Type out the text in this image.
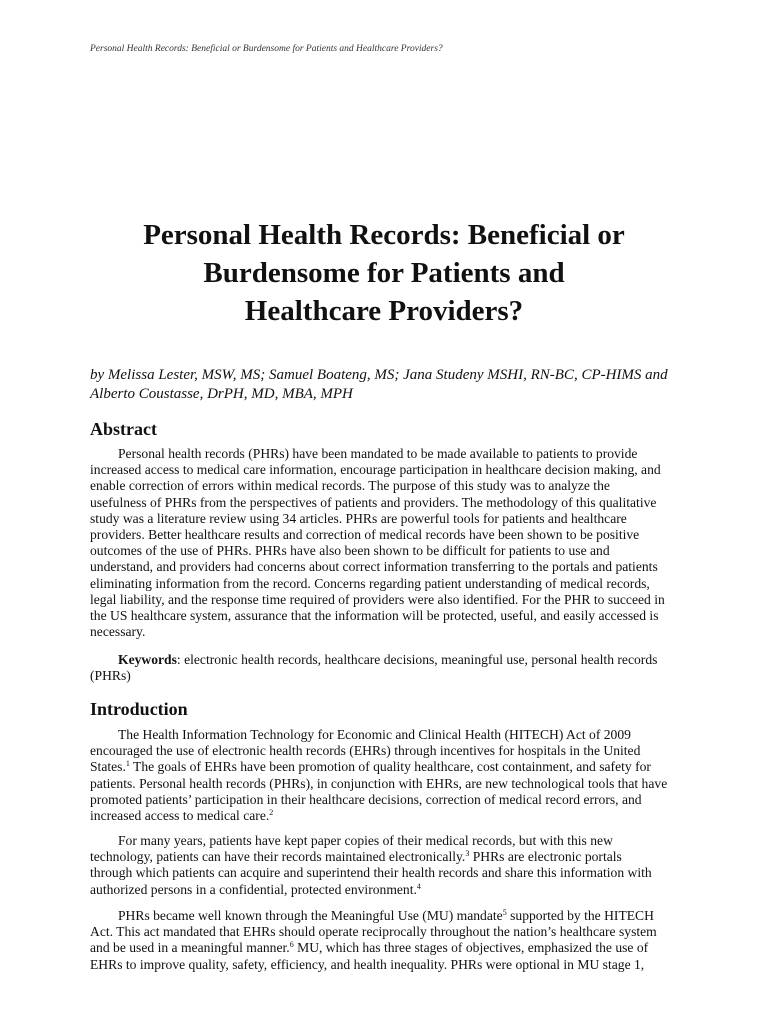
Personal Health Records: Beneficial or Burdensome for Patients and Healthcare Providers?
Personal Health Records: Beneficial or
Burdensome for Patients and
Healthcare Providers?
by Melissa Lester, MSW, MS; Samuel Boateng, MS; Jana Studeny MSHI, RN-BC, CP-HIMS and
Alberto Coustasse, DrPH, MD, MBA, MPH
Abstract
Personal health records (PHRs) have been mandated to be made available to patients to provide
increased access to medical care information, encourage participation in healthcare decision making, and
enable correction of errors within medical records. The purpose of this study was to analyze the
usefulness of PHRs from the perspectives of patients and providers. The methodology of this qualitative
study was a literature review using 34 articles. PHRs are powerful tools for patients and healthcare
providers. Better healthcare results and correction of medical records have been shown to be positive
outcomes of the use of PHRs. PHRs have also been shown to be difficult for patients to use and
understand, and providers had concerns about correct information transferring to the portals and patients
eliminating information from the record. Concerns regarding patient understanding of medical records,
legal liability, and the response time required of providers were also identified. For the PHR to succeed in
the US healthcare system, assurance that the information will be protected, useful, and easily accessed is
necessary.
Keywords: electronic health records, healthcare decisions, meaningful use, personal health records
(PHRs)
Introduction
The Health Information Technology for Economic and Clinical Health (HITECH) Act of 2009
encouraged the use of electronic health records (EHRs) through incentives for hospitals in the United
States.$^1$ The goals of EHRs have been promotion of quality healthcare, cost containment, and safety for
patients. Personal health records (PHRs), in conjunction with EHRs, are new technological tools that have
promoted patients’ participation in their healthcare decisions, correction of medical record errors, and
increased access to medical care.$^2$
For many years, patients have kept paper copies of their medical records, but with this new
technology, patients can have their records maintained electronically.$^3$ PHRs are electronic portals
through which patients can acquire and superintend their health records and share this information with
authorized persons in a confidential, protected environment.$^4$
PHRs became well known through the Meaningful Use (MU) mandate$^5$ supported by the HITECH
Act. This act mandated that EHRs should operate reciprocally throughout the nation’s healthcare system
and be used in a meaningful manner.$^6$ MU, which has three stages of objectives, emphasized the use of
EHRs to improve quality, safety, efficiency, and health inequality. PHRs were optional in MU stage 1,
